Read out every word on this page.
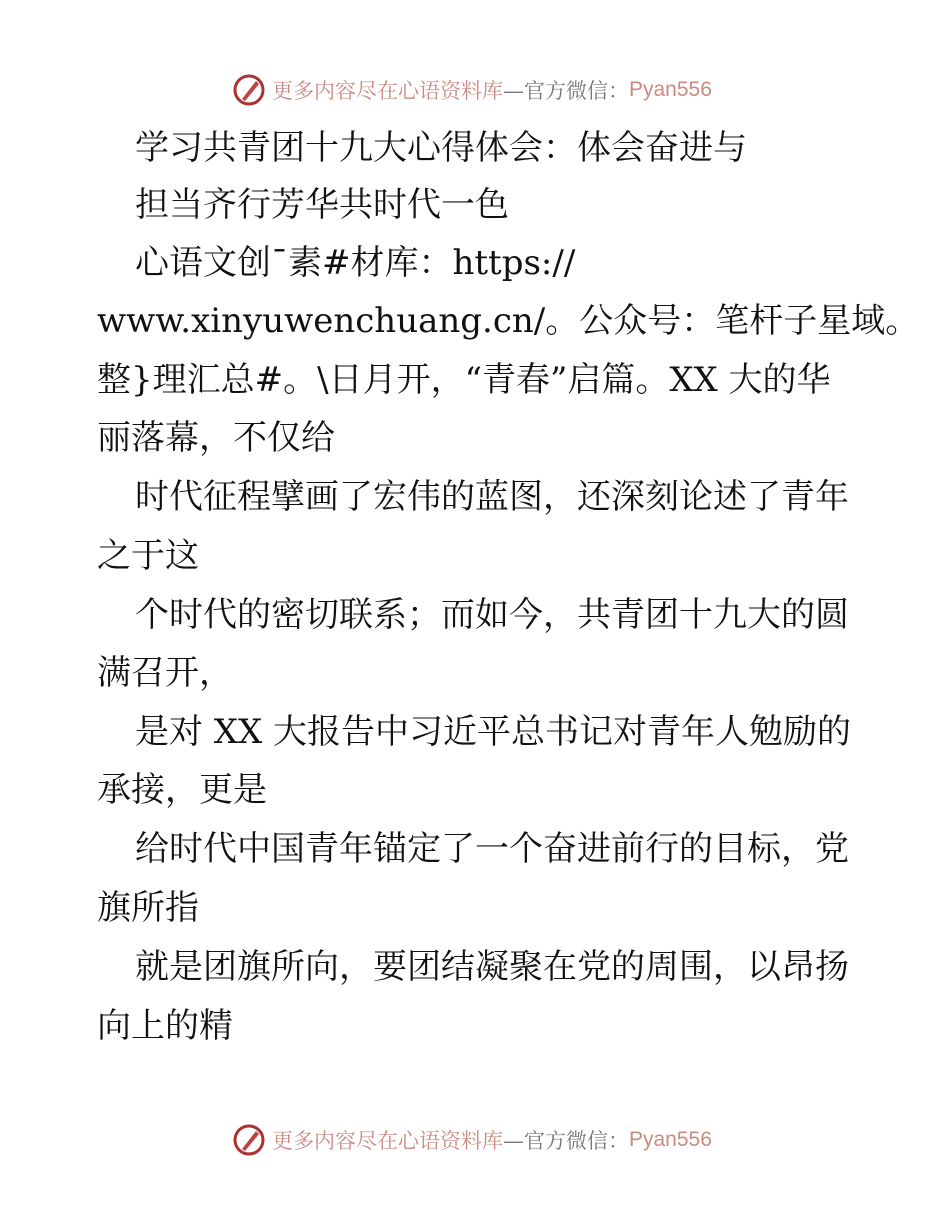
更多内容尽在心语资料库 —官方微信： Pyan556
学习共青团十九大心得体会：体会奋进与
担当齐行芳华共时代一色
心语文创¯素#材库：https://
www.xinyuwenchuang.cn/。公众号：笔杆子星域。
整}理汇总#。\日月开，“青春”启篇。XX 大的华
丽落幕，不仅给
时代征程擘画了宏伟的蓝图，还深刻论述了青年
之于这
个时代的密切联系；而如今，共青团十九大的圆
满召开，
是对 XX 大报告中习近平总书记对青年人勉励的
承接，更是
给时代中国青年锚定了一个奋进前行的目标，党
旗所指
就是团旗所向，要团结凝聚在党的周围，以昂扬
向上的精
更多内容尽在心语资料库 —官方微信： Pyan556
